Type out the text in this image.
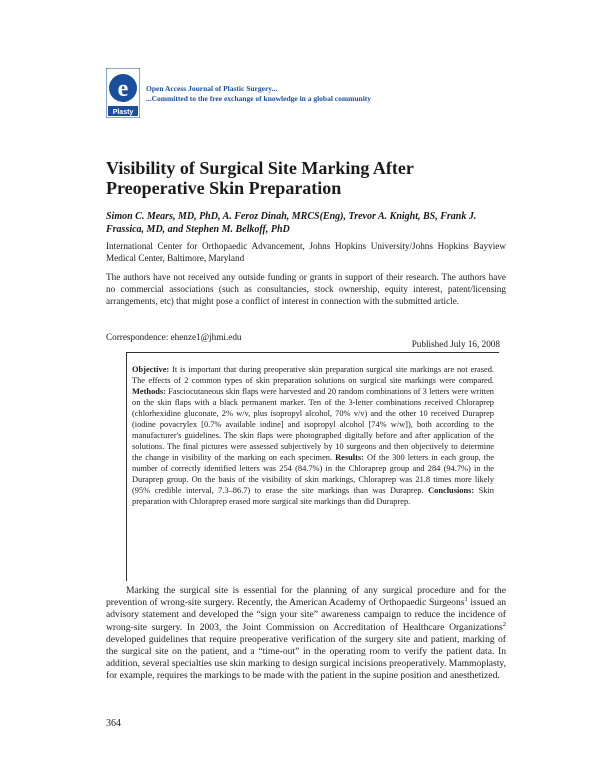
e
Plasty
Open Access Journal of Plastic Surgery...
...Committed to the free exchange of knowledge in a global community
Visibility of Surgical Site Marking After Preoperative Skin Preparation
Simon C. Mears, MD, PhD, A. Feroz Dinah, MRCS(Eng), Trevor A. Knight, BS, Frank J. Frassica, MD, and Stephen M. Belkoff, PhD
International Center for Orthopaedic Advancement, Johns Hopkins University/Johns Hopkins Bayview Medical Center, Baltimore, Maryland
The authors have not received any outside funding or grants in support of their research. The authors have no commercial associations (such as consultancies, stock ownership, equity interest, patent/licensing arrangements, etc) that might pose a conflict of interest in connection with the submitted article.
Correspondence: ehenze1@jhmi.edu
Published July 16, 2008
Objective: It is important that during preoperative skin preparation surgical site markings are not erased. The effects of 2 common types of skin preparation solutions on surgical site markings were compared. Methods: Fasciocutaneous skin flaps were harvested and 20 random combinations of 3 letters were written on the skin flaps with a black permanent marker. Ten of the 3-letter combinations received Chloraprep (chlorhexidine gluconate, 2% w/v, plus isopropyl alcohol, 70% v/v) and the other 10 received Duraprep (iodine povacrylex [0.7% available iodine] and isopropyl alcohol [74% w/w]), both according to the manufacturer's guidelines. The skin flaps were photographed digitally before and after application of the solutions. The final pictures were assessed subjectively by 10 surgeons and then objectively to determine the change in visibility of the marking on each specimen. Results: Of the 300 letters in each group, the number of correctly identified letters was 254 (84.7%) in the Chloraprep group and 284 (94.7%) in the Duraprep group. On the basis of the visibility of skin markings, Chloraprep was 21.8 times more likely (95% credible interval, 7.3–86.7) to erase the site markings than was Duraprep. Conclusions: Skin preparation with Chloraprep erased more surgical site markings than did Duraprep.
Marking the surgical site is essential for the planning of any surgical procedure and for the prevention of wrong-site surgery. Recently, the American Academy of Orthopaedic Surgeons$^1$ issued an advisory statement and developed the “sign your site” awareness campaign to reduce the incidence of wrong-site surgery. In 2003, the Joint Commission on Accreditation of Healthcare Organizations$^2$ developed guidelines that require preoperative verification of the surgery site and patient, marking of the surgical site on the patient, and a “time-out” in the operating room to verify the patient data. In addition, several specialties use skin marking to design surgical incisions preoperatively. Mammoplasty, for example, requires the markings to be made with the patient in the supine position and anesthetized.
364
